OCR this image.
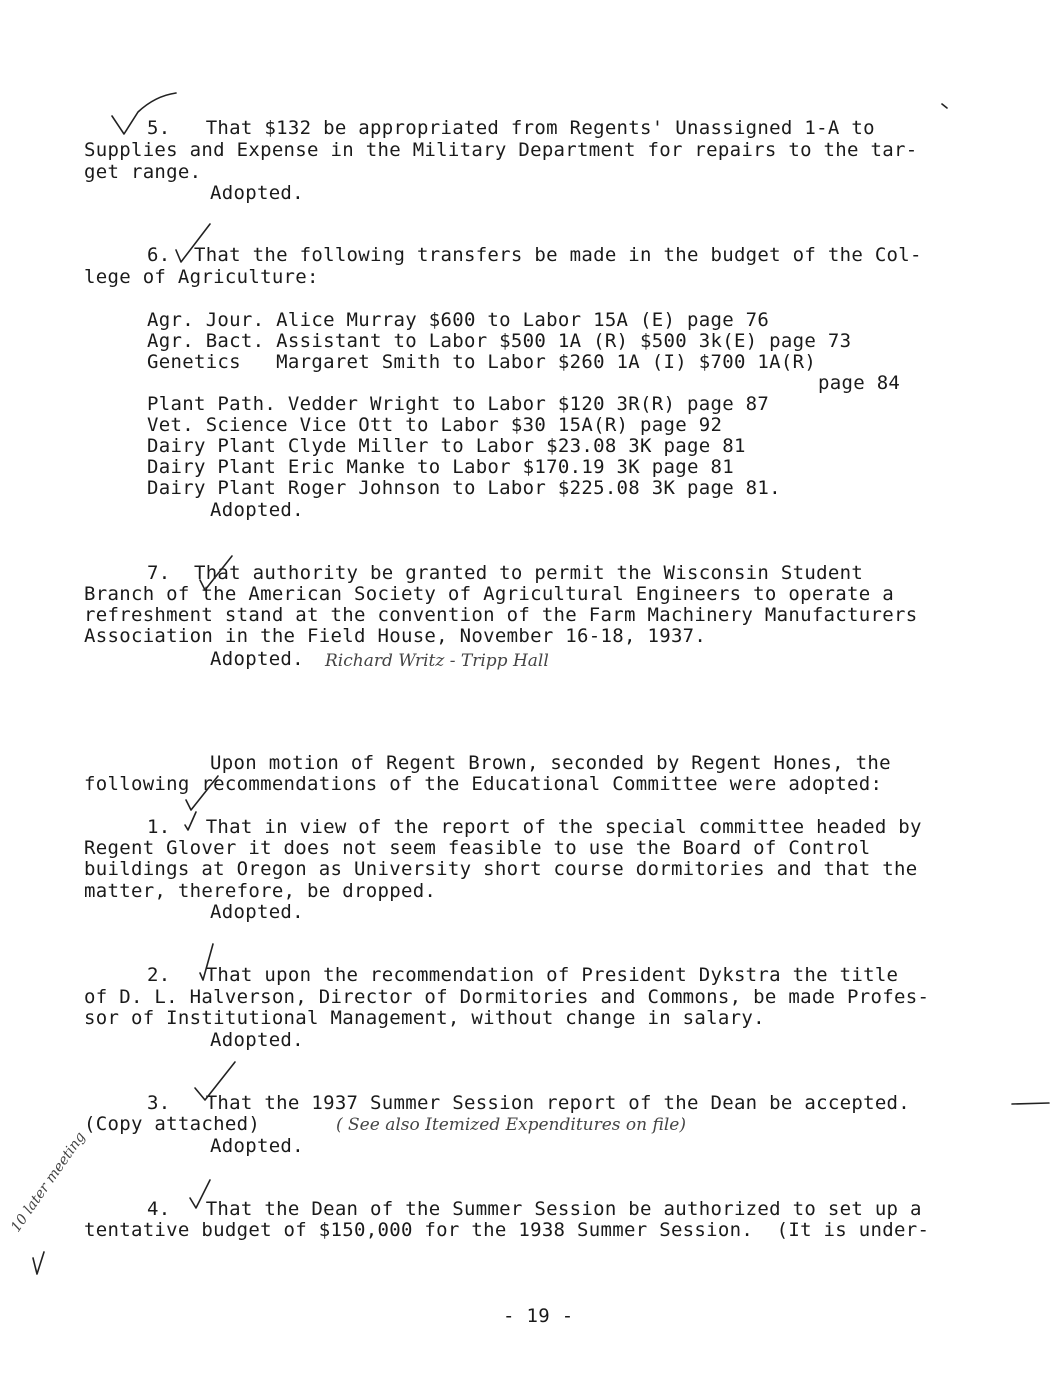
5.   That $132 be appropriated from Regents' Unassigned 1-A to
Supplies and Expense in the Military Department for repairs to the tar-
get range.
Adopted.
6.  That the following transfers be made in the budget of the Col-
lege of Agriculture:
Agr. Jour. Alice Murray $600 to Labor 15A (E) page 76
Agr. Bact. Assistant to Labor $500 1A (R) $500 3k(E) page 73
Genetics   Margaret Smith to Labor $260 1A (I) $700 1A(R)
page 84
Plant Path. Vedder Wright to Labor $120 3R(R) page 87
Vet. Science Vice Ott to Labor $30 15A(R) page 92
Dairy Plant Clyde Miller to Labor $23.08 3K page 81
Dairy Plant Eric Manke to Labor $170.19 3K page 81
Dairy Plant Roger Johnson to Labor $225.08 3K page 81.
Adopted.
7.  That authority be granted to permit the Wisconsin Student
Branch of the American Society of Agricultural Engineers to operate a
refreshment stand at the convention of the Farm Machinery Manufacturers
Association in the Field House, November 16-18, 1937.
Adopted. Richard Writz - Tripp Hall
Upon motion of Regent Brown, seconded by Regent Hones, the
following recommendations of the Educational Committee were adopted:
1.   That in view of the report of the special committee headed by
Regent Glover it does not seem feasible to use the Board of Control
buildings at Oregon as University short course dormitories and that the
matter, therefore, be dropped.
Adopted.
2.   That upon the recommendation of President Dykstra the title
of D. L. Halverson, Director of Dormitories and Commons, be made Profes-
sor of Institutional Management, without change in salary.
Adopted.
3.   That the 1937 Summer Session report of the Dean be accepted.
(Copy attached)	( See also Itemized Expenditures on file)
Adopted.
4.   That the Dean of the Summer Session be authorized to set up a
tentative budget of $150,000 for the 1938 Summer Session.  (It is under-
10 later meeting
- 19 -
